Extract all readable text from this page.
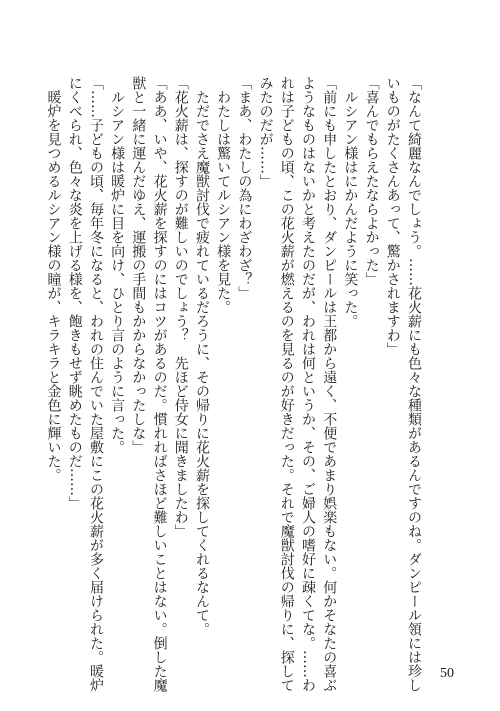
「なんて綺麗なんでしょう。……花火薪にも色々な種類があるんですのね。ダンピール領には珍し
いものがたくさんあって、驚かされますわ」
「喜んでもらえたならよかった」
　ルシアン様はにかんだように笑った。
「前にも申したとおり、ダンピールは王都から遠く、不便であまり娯楽もない。何かそなたの喜ぶ
ようなものはないかと考えたのだが、われは何というか、その、ご婦人の嗜好に疎くてな。……わ
れは子どもの頃、この花火薪が燃えるのを見るのが好きだった。それで魔獣討伐の帰りに、探して
みたのだが……」
「まあ、わたしの為にわざわざ？」
　わたしは驚いてルシアン様を見た。
　ただでさえ魔獣討伐で疲れているだろうに、その帰りに花火薪を探してくれるなんて。
「花火薪は、探すのが難しいのでしょう？　先ほど侍女に聞きましたわ」
「ああ、いや、花火薪を探すのにはコツがあるのだ。慣れればさほど難しいことはない。倒した魔
獣と一緒に運んだゆえ、運搬の手間もかからなかったしな」
　ルシアン様は暖炉に目を向け、ひとり言のように言った。
「……子どもの頃、毎年冬になると、われの住んでいた屋敷にこの花火薪が多く届けられた。暖炉
にくべられ、色々な炎を上げる様を、飽きもせず眺めたものだ……」
　暖炉を見つめるルシアン様の瞳が、キラキラと金色に輝いた。
50
